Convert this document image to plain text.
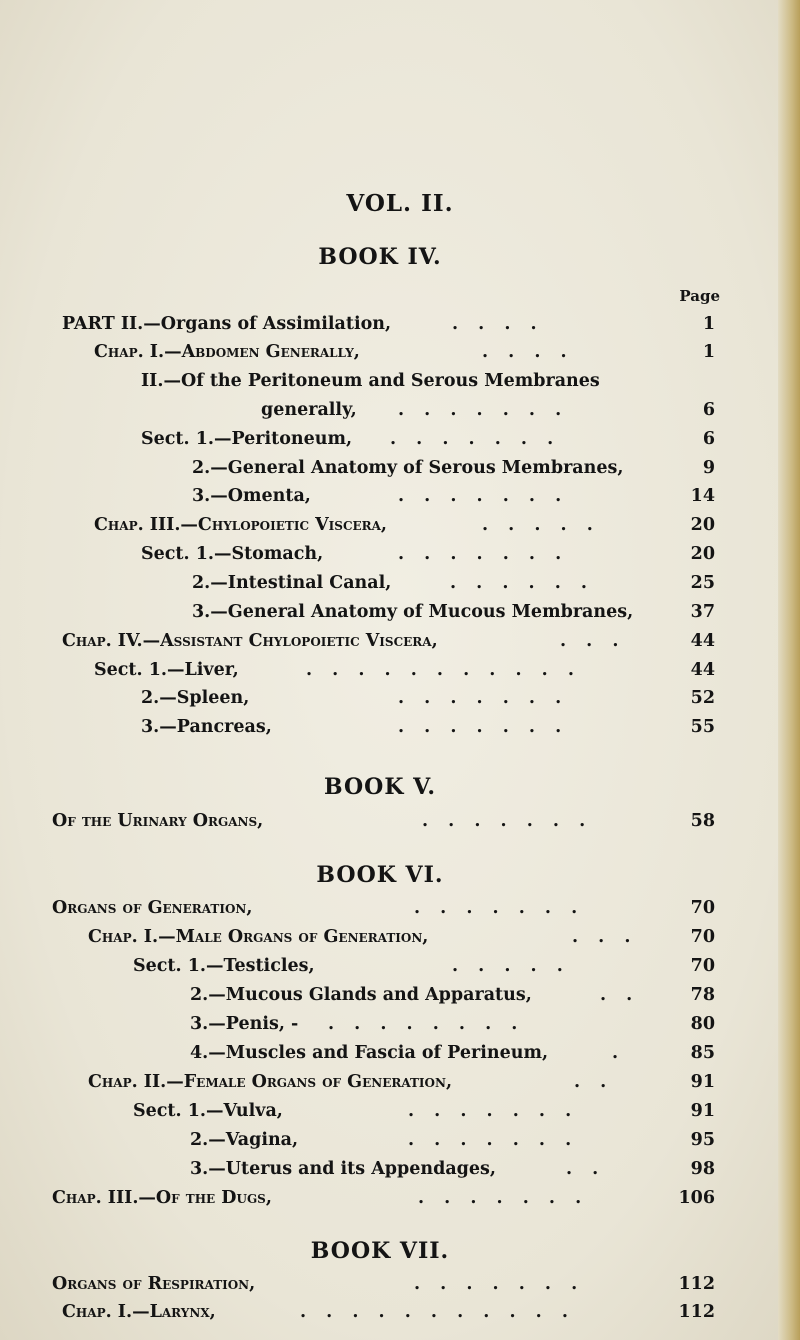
VOL. II.
Page
BOOK IV.
PART II.—Organs of Assimilation,	. . . .	1
Chap. I.—Abdomen Generally,	. . . .	1
II.—Of the Peritoneum and Serous Membranes
generally, . . . . . . .	6
Sect. 1.—Peritoneum, . . . . . . .	6
2.—General Anatomy of Serous Membranes,	9
3.—Omenta,	. . . . . . .	14
Chap. III.—Chylopoietic Viscera,	. . . . .	20
Sect. 1.—Stomach,	. . . . . . .	20
2.—Intestinal Canal,	. . . . . .	25
3.—General Anatomy of Mucous Membranes,	37
Chap. IV.—Assistant Chylopoietic Viscera,	. . .	44
Sect. 1.—Liver,	. . . . . . . . . . .	44
2.—Spleen,	. . . . . . .	52
3.—Pancreas,	. . . . . . .	55
BOOK V.
Of the Urinary Organs,	. . . . . . .	58
BOOK VI.
Organs of Generation,	. . . . . . .	70
Chap. I.—Male Organs of Generation,	. . .	70
Sect. 1.—Testicles,	. . . . .	70
2.—Mucous Glands and Apparatus,	. .	78
3.—Penis, - . . . . . . . .	80
4.—Muscles and Fascia of Perineum,	.	85
Chap. II.—Female Organs of Generation,	. .	91
Sect. 1.—Vulva,	. . . . . . .	91
2.—Vagina,	. . . . . . .	95
3.—Uterus and its Appendages,	. .	98
Chap. III.—Of the Dugs,	. . . . . . .	106
BOOK VII.
Organs of Respiration,	. . . . . . .	112
Chap. I.—Larynx,	. . . . . . . . . . .	112
